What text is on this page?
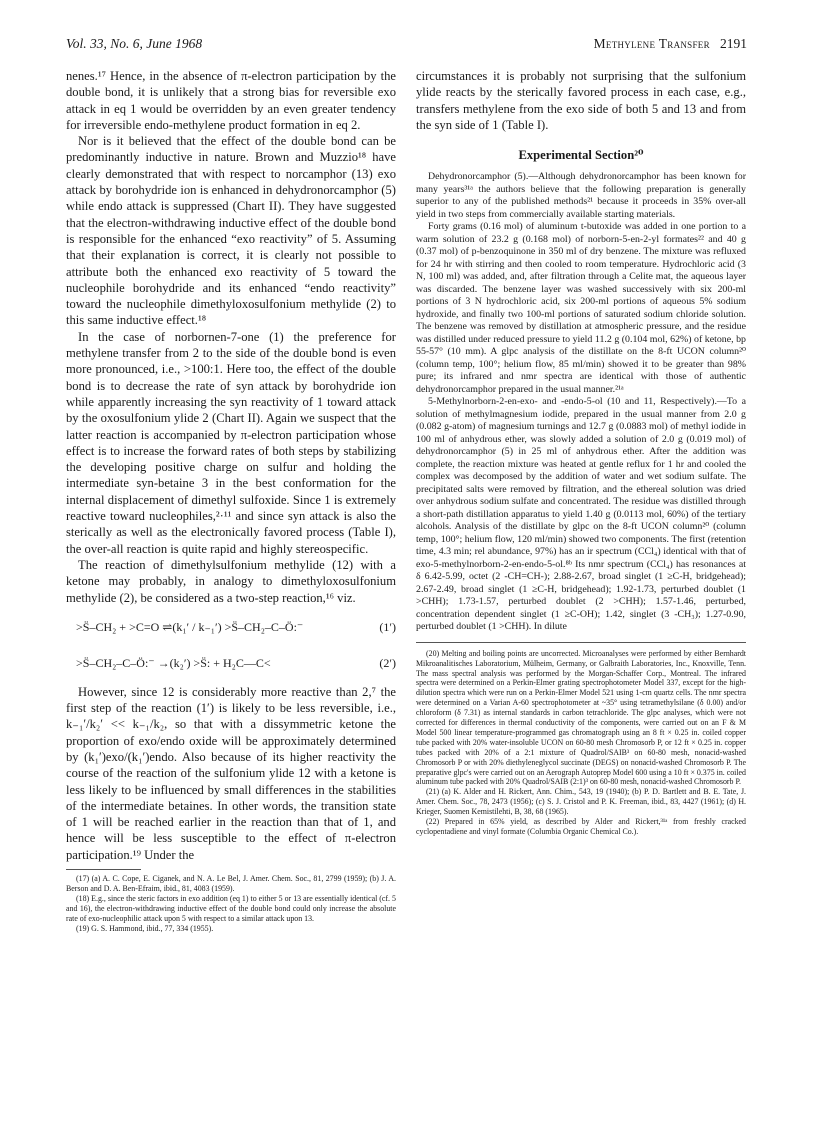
Vol. 33, No. 6, June 1968	Methylene Transfer 2191

nenes.¹⁷ Hence, in the absence of π-electron participation by the double bond, it is unlikely that a strong bias for reversible exo attack in eq 1 would be overridden by an even greater tendency for irreversible endo-methylene product formation in eq 2.

Nor is it believed that the effect of the double bond can be predominantly inductive in nature. Brown and Muzzio¹⁸ have clearly demonstrated that with respect to norcamphor (13) exo attack by borohydride ion is enhanced in dehydronorcamphor (5) while endo attack is suppressed (Chart II). They have suggested that the electron-withdrawing inductive effect of the double bond is responsible for the enhanced “exo reactivity” of 5. Assuming that their explanation is correct, it is clearly not possible to attribute both the enhanced exo reactivity of 5 toward the nucleophile borohydride and its enhanced “endo reactivity” toward the nucleophile dimethyloxosulfonium methylide (2) to this same inductive effect.¹⁸

In the case of norbornen-7-one (1) the preference for methylene transfer from 2 to the side of the double bond is even more pronounced, i.e., >100:1. Here too, the effect of the double bond is to decrease the rate of syn attack by borohydride ion while apparently increasing the syn reactivity of 1 toward attack by the oxosulfonium ylide 2 (Chart II). Again we suspect that the latter reaction is accompanied by π-electron participation whose effect is to increase the forward rates of both steps by stabilizing the developing positive charge on sulfur and holding the intermediate syn-betaine 3 in the best conformation for the internal displacement of dimethyl sulfoxide. Since 1 is extremely reactive toward nucleophiles,²·¹¹ and since syn attack is also the sterically as well as the electronically favored process (Table I), the over-all reaction is quite rapid and highly stereospecific.

The reaction of dimethylsulfonium methylide (12) with a ketone may probably, in analogy to dimethyloxosulfonium methylide (2), be considered as a two-step reaction,¹⁶ viz.

>S̈–CH₂ + >C=O ⇌(k₁′ / k₋₁′) >S̈–CH₂–C–Ö:⁻	(1′)
>S̈–CH₂–C–Ö:⁻ →(k₂′) >S̈: + H₂C—C<	(2′)

However, since 12 is considerably more reactive than 2,⁷ the first step of the reaction (1′) is likely to be less reversible, i.e., k₋₁′/k₂′ << k₋₁/k₂, so that with a dissymmetric ketone the proportion of exo/endo oxide will be approximately determined by (k₁′)exo/(k₁′)endo. Also because of its higher reactivity the course of the reaction of the sulfonium ylide 12 with a ketone is less likely to be influenced by small differences in the stabilities of the intermediate betaines. In other words, the transition state of 1 will be reached earlier in the reaction than that of 1, and hence will be less susceptible to the effect of π-electron participation.¹⁹ Under the

(17) (a) A. C. Cope, E. Ciganek, and N. A. Le Bel, J. Amer. Chem. Soc., 81, 2799 (1959); (b) J. A. Berson and D. A. Ben-Efraim, ibid., 81, 4083 (1959).

(18) E.g., since the steric factors in exo addition (eq 1) to either 5 or 13 are essentially identical (cf. 5 and 16), the electron-withdrawing inductive effect of the double bond could only increase the absolute rate of exo-nucleophilic attack upon 5 with respect to a similar attack upon 13.

(19) G. S. Hammond, ibid., 77, 334 (1955).

circumstances it is probably not surprising that the sulfonium ylide reacts by the sterically favored process in each case, e.g., transfers methylene from the exo side of both 5 and 13 and from the syn side of 1 (Table I).

Experimental Section²⁰

Dehydronorcamphor (5).—Although dehydronorcamphor has been known for many years³¹ᵃ the authors believe that the following preparation is generally superior to any of the published methods²¹ because it proceeds in 35% over-all yield in two steps from commercially available starting materials.

Forty grams (0.16 mol) of aluminum t-butoxide was added in one portion to a warm solution of 23.2 g (0.168 mol) of norborn-5-en-2-yl formates²² and 40 g (0.37 mol) of p-benzoquinone in 350 ml of dry benzene. The mixture was refluxed for 24 hr with stirring and then cooled to room temperature. Hydrochloric acid (3 N, 100 ml) was added, and, after filtration through a Celite mat, the aqueous layer was discarded. The benzene layer was washed successively with six 200-ml portions of 3 N hydrochloric acid, six 200-ml portions of aqueous 5% sodium hydroxide, and finally two 100-ml portions of saturated sodium chloride solution. The benzene was removed by distillation at atmospheric pressure, and the residue was distilled under reduced pressure to yield 11.2 g (0.104 mol, 62%) of ketone, bp 55-57° (10 mm). A glpc analysis of the distillate on the 8-ft UCON column²⁰ (column temp, 100°; helium flow, 85 ml/min) showed it to be greater than 98% pure; its infrared and nmr spectra are identical with those of authentic dehydronorcamphor prepared in the usual manner.²¹ᵃ

5-Methylnorborn-2-en-exo- and -endo-5-ol (10 and 11, Respectively).—To a solution of methylmagnesium iodide, prepared in the usual manner from 2.0 g (0.082 g-atom) of magnesium turnings and 12.7 g (0.0883 mol) of methyl iodide in 100 ml of anhydrous ether, was slowly added a solution of 2.0 g (0.019 mol) of dehydronorcamphor (5) in 25 ml of anhydrous ether. After the addition was complete, the reaction mixture was heated at gentle reflux for 1 hr and cooled the complex was decomposed by the addition of water and wet sodium sulfate. The precipitated salts were removed by filtration, and the ethereal solution was dried over anhydrous sodium sulfate and concentrated. The residue was distilled through a short-path distillation apparatus to yield 1.40 g (0.0113 mol, 60%) of the tertiary alcohols. Analysis of the distillate by glpc on the 8-ft UCON column²⁰ (column temp, 100°; helium flow, 120 ml/min) showed two components. The first (retention time, 4.3 min; rel abundance, 97%) has an ir spectrum (CCl₄) identical with that of exo-5-methylnorborn-2-en-endo-5-ol.⁸ᵇ Its nmr spectrum (CCl₄) has resonances at δ 6.42-5.99, octet (2 -CH=CH-); 2.88-2.67, broad singlet (1 ≥C-H, bridgehead); 2.67-2.49, broad singlet (1 ≥C-H, bridgehead); 1.92-1.73, perturbed doublet (1 >CHH); 1.73-1.57, perturbed doublet (2 >CHH); 1.57-1.46, perturbed, concentration dependent singlet (1 ≥C-OH); 1.42, singlet (3 -CH₃); 1.27-0.90, perturbed doublet (1 >CHH). In dilute

(20) Melting and boiling points are uncorrected. Microanalyses were performed by either Bernhardt Mikroanalitisches Laboratorium, Mülheim, Germany, or Galbraith Laboratories, Inc., Knoxville, Tenn. The mass spectral analysis was performed by the Morgan-Schaffer Corp., Montreal. The infrared spectra were determined on a Perkin-Elmer grating spectrophotometer Model 337, except for the high-dilution spectra which were run on a Perkin-Elmer Model 521 using 1-cm quartz cells. The nmr spectra were determined on a Varian A-60 spectrophotometer at ~35° using tetramethylsilane (δ 0.00) and/or chloroform (δ 7.31) as internal standards in carbon tetrachloride. The glpc analyses, which were not corrected for differences in thermal conductivity of the components, were carried out on an F & M Model 500 linear temperature-programmed gas chromatograph using an 8 ft × 0.25 in. coiled copper tube packed with 20% water-insoluble UCON on 60-80 mesh Chromosorb P, or 12 ft × 0.25 in. copper tubes packed with 20% of a 2:1 mixture of Quadrol/SAIB³ on 60-80 mesh, nonacid-washed Chromosorb P or with 20% diethyleneglycol succinate (DEGS) on nonacid-washed Chromosorb P. The preparative glpc's were carried out on an Aerograph Autoprep Model 600 using a 10 ft × 0.375 in. coiled aluminum tube packed with 20% Quadrol/SAIB (2:1)³ on 60-80 mesh, nonacid-washed Chromosorb P.

(21) (a) K. Alder and H. Rickert, Ann. Chim., 543, 19 (1940); (b) P. D. Bartlett and B. E. Tate, J. Amer. Chem. Soc., 78, 2473 (1956); (c) S. J. Cristol and P. K. Freeman, ibid., 83, 4427 (1961); (d) H. Krieger, Suomen Kemistilehti, B, 38, 68 (1965).

(22) Prepared in 65% yield, as described by Alder and Rickert,³¹ᵃ from freshly cracked cyclopentadiene and vinyl formate (Columbia Organic Chemical Co.).
